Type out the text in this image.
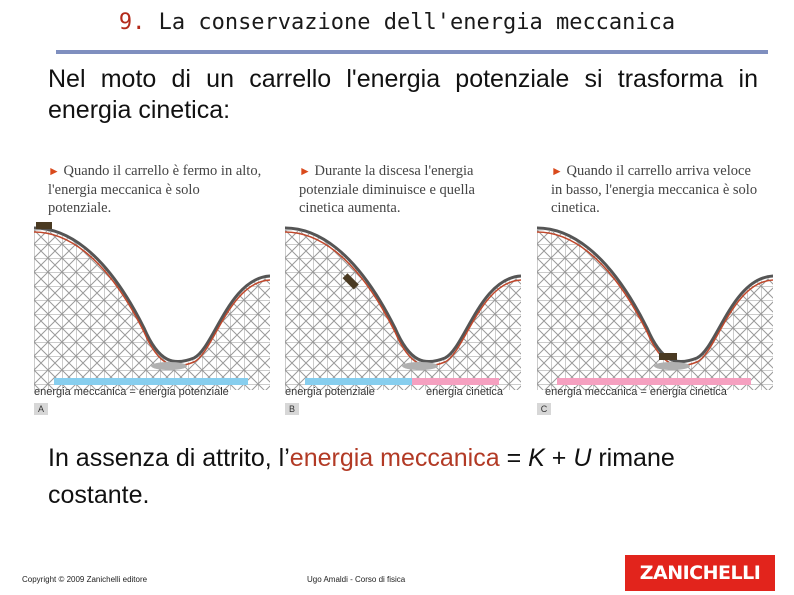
9. La conservazione dell'energia meccanica
Nel moto di un carrello l'energia potenziale si trasforma in energia cinetica:
► Quando il carrello è fermo in alto, l'energia meccanica è solo potenziale.
energia meccanica = energia potenziale
A
► Durante la discesa l'energia potenziale diminuisce e quella cinetica aumenta.
energia potenziale	energia cinetica
B
► Quando il carrello arriva veloce in basso, l'energia meccanica è solo cinetica.
energia meccanica = energia cinetica
C
In assenza di attrito, l’energia meccanica = K + U rimane costante.
Copyright © 2009 Zanichelli editore	Ugo Amaldi - Corso di fisica	ZANICHELLI
